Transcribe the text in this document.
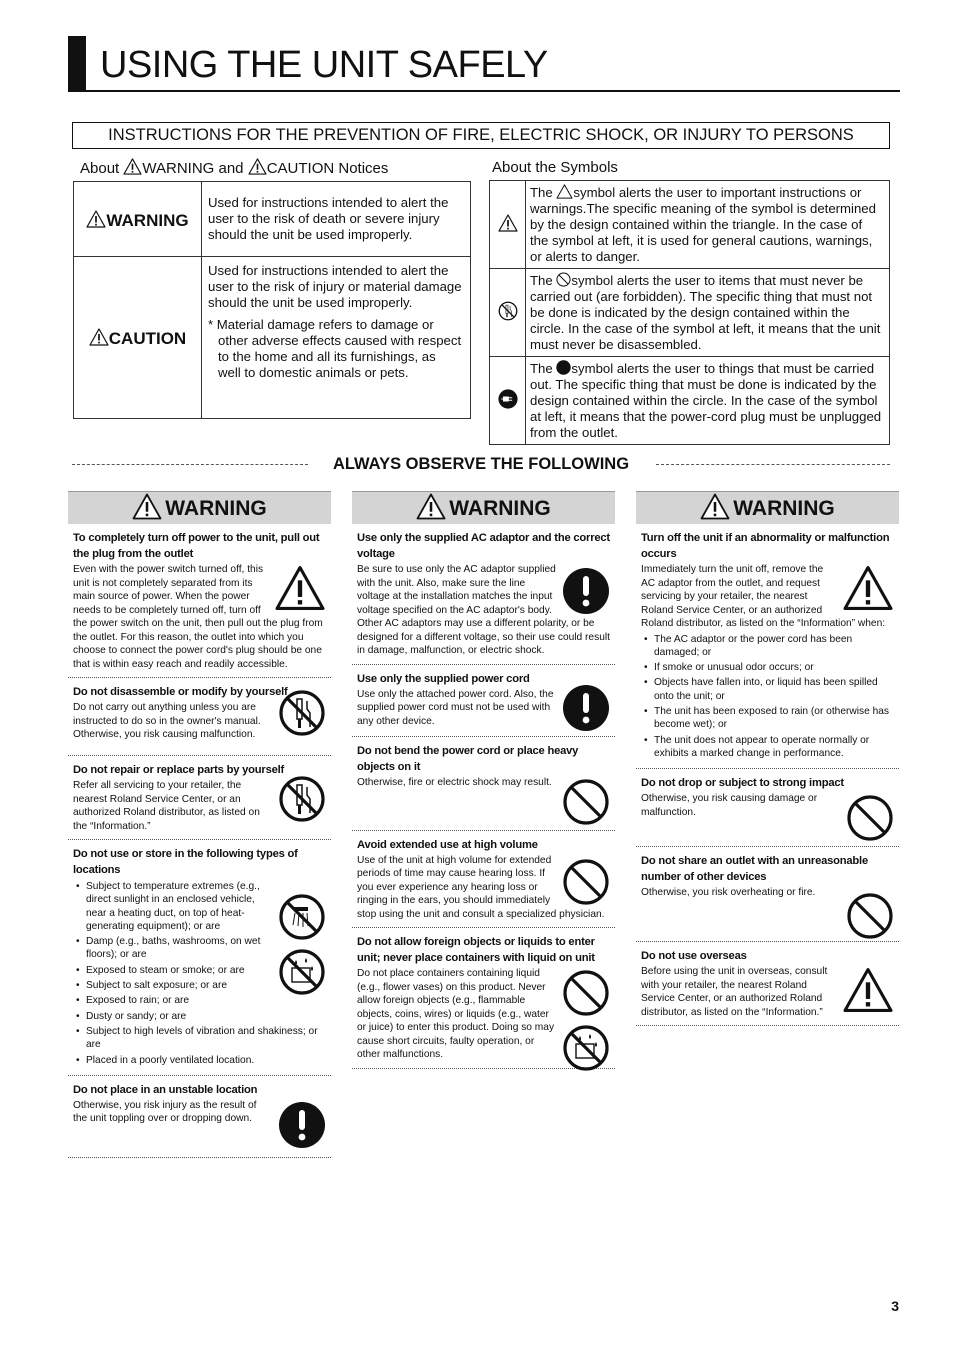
USING THE UNIT SAFELY
INSTRUCTIONS FOR THE PREVENTION OF FIRE, ELECTRIC SHOCK, OR INJURY TO PERSONS
About WARNING and CAUTION Notices	About the Symbols
WARNING	Used for instructions intended to alert the user to the risk of death or severe injury should the unit be used improperly.
CAUTION	Used for instructions intended to alert the user to the risk of injury or material damage should the unit be used improperly.
* Material damage refers to damage or other adverse effects caused with respect to the home and all its furnishings, as well to domestic animals or pets.
	The symbol alerts the user to important instructions or warnings.The specific meaning of the symbol is determined by the design contained within the triangle. In the case of the symbol at left, it is used for general cautions, warnings, or alerts to danger.
	The symbol alerts the user to items that must never be carried out (are forbidden). The specific thing that must not be done is indicated by the design contained within the circle. In the case of the symbol at left, it means that the unit must never be disassembled.
	The symbol alerts the user to things that must be carried out. The specific thing that must be done is indicated by the design contained within the circle. In the case of the symbol at left, it means that the power-cord plug must be unplugged from the outlet.
ALWAYS OBSERVE THE FOLLOWING
WARNING
To completely turn off power to the unit, pull out the plug from the outlet
Even with the power switch turned off, this unit is not completely separated from its main source of power. When the power needs to be completely turned off, turn off the power switch on the unit, then pull out the plug from the outlet. For this reason, the outlet into which you choose to connect the power cord's plug should be one that is within easy reach and readily accessible.
Do not disassemble or modify by yourself
Do not carry out anything unless you are instructed to do so in the owner's manual. Otherwise, you risk causing malfunction.
Do not repair or replace parts by yourself
Refer all servicing to your retailer, the nearest Roland Service Center, or an authorized Roland distributor, as listed on the “Information.”
Do not use or store in the following types of locations

• Subject to temperature extremes (e.g., direct sunlight in an enclosed vehicle, near a heating duct, on top of heat-generating equipment); or are
• Damp (e.g., baths, washrooms, on wet floors); or are
• Exposed to steam or smoke; or are
• Subject to salt exposure; or are
• Exposed to rain; or are
• Dusty or sandy; or are
• Subject to high levels of vibration and shakiness; or are
• Placed in a poorly ventilated location.
Do not place in an unstable location
Otherwise, you risk injury as the result of the unit toppling over or dropping down.
WARNING
Use only the supplied AC adaptor and the correct voltage
Be sure to use only the AC adaptor supplied with the unit. Also, make sure the line voltage at the installation matches the input voltage specified on the AC adaptor's body. Other AC adaptors may use a different polarity, or be designed for a different voltage, so their use could result in damage, malfunction, or electric shock.
Use only the supplied power cord
Use only the attached power cord. Also, the supplied power cord must not be used with any other device.
Do not bend the power cord or place heavy objects on it
Otherwise, fire or electric shock may result.
Avoid extended use at high volume
Use of the unit at high volume for extended periods of time may cause hearing loss. If you ever experience any hearing loss or ringing in the ears, you should immediately stop using the unit and consult a specialized physician.
Do not allow foreign objects or liquids to enter unit; never place containers with liquid on unit

Do not place containers containing liquid (e.g., flower vases) on this product. Never allow foreign objects (e.g., flammable objects, coins, wires) or liquids (e.g., water or juice) to enter this product. Doing so may cause short circuits, faulty operation, or other malfunctions.
WARNING
Turn off the unit if an abnormality or malfunction occurs
Immediately turn the unit off, remove the AC adaptor from the outlet, and request servicing by your retailer, the nearest Roland Service Center, or an authorized Roland distributor, as listed on the “Information” when:
• The AC adaptor or the power cord has been damaged; or
• If smoke or unusual odor occurs; or
• Objects have fallen into, or liquid has been spilled onto the unit; or
• The unit has been exposed to rain (or otherwise has become wet); or
• The unit does not appear to operate normally or exhibits a marked change in performance.
Do not drop or subject to strong impact
Otherwise, you risk causing damage or malfunction.
Do not share an outlet with an unreasonable number of other devices
Otherwise, you risk overheating or fire.
Do not use overseas
Before using the unit in overseas, consult with your retailer, the nearest Roland Service Center, or an authorized Roland distributor, as listed on the “Information.”
3
